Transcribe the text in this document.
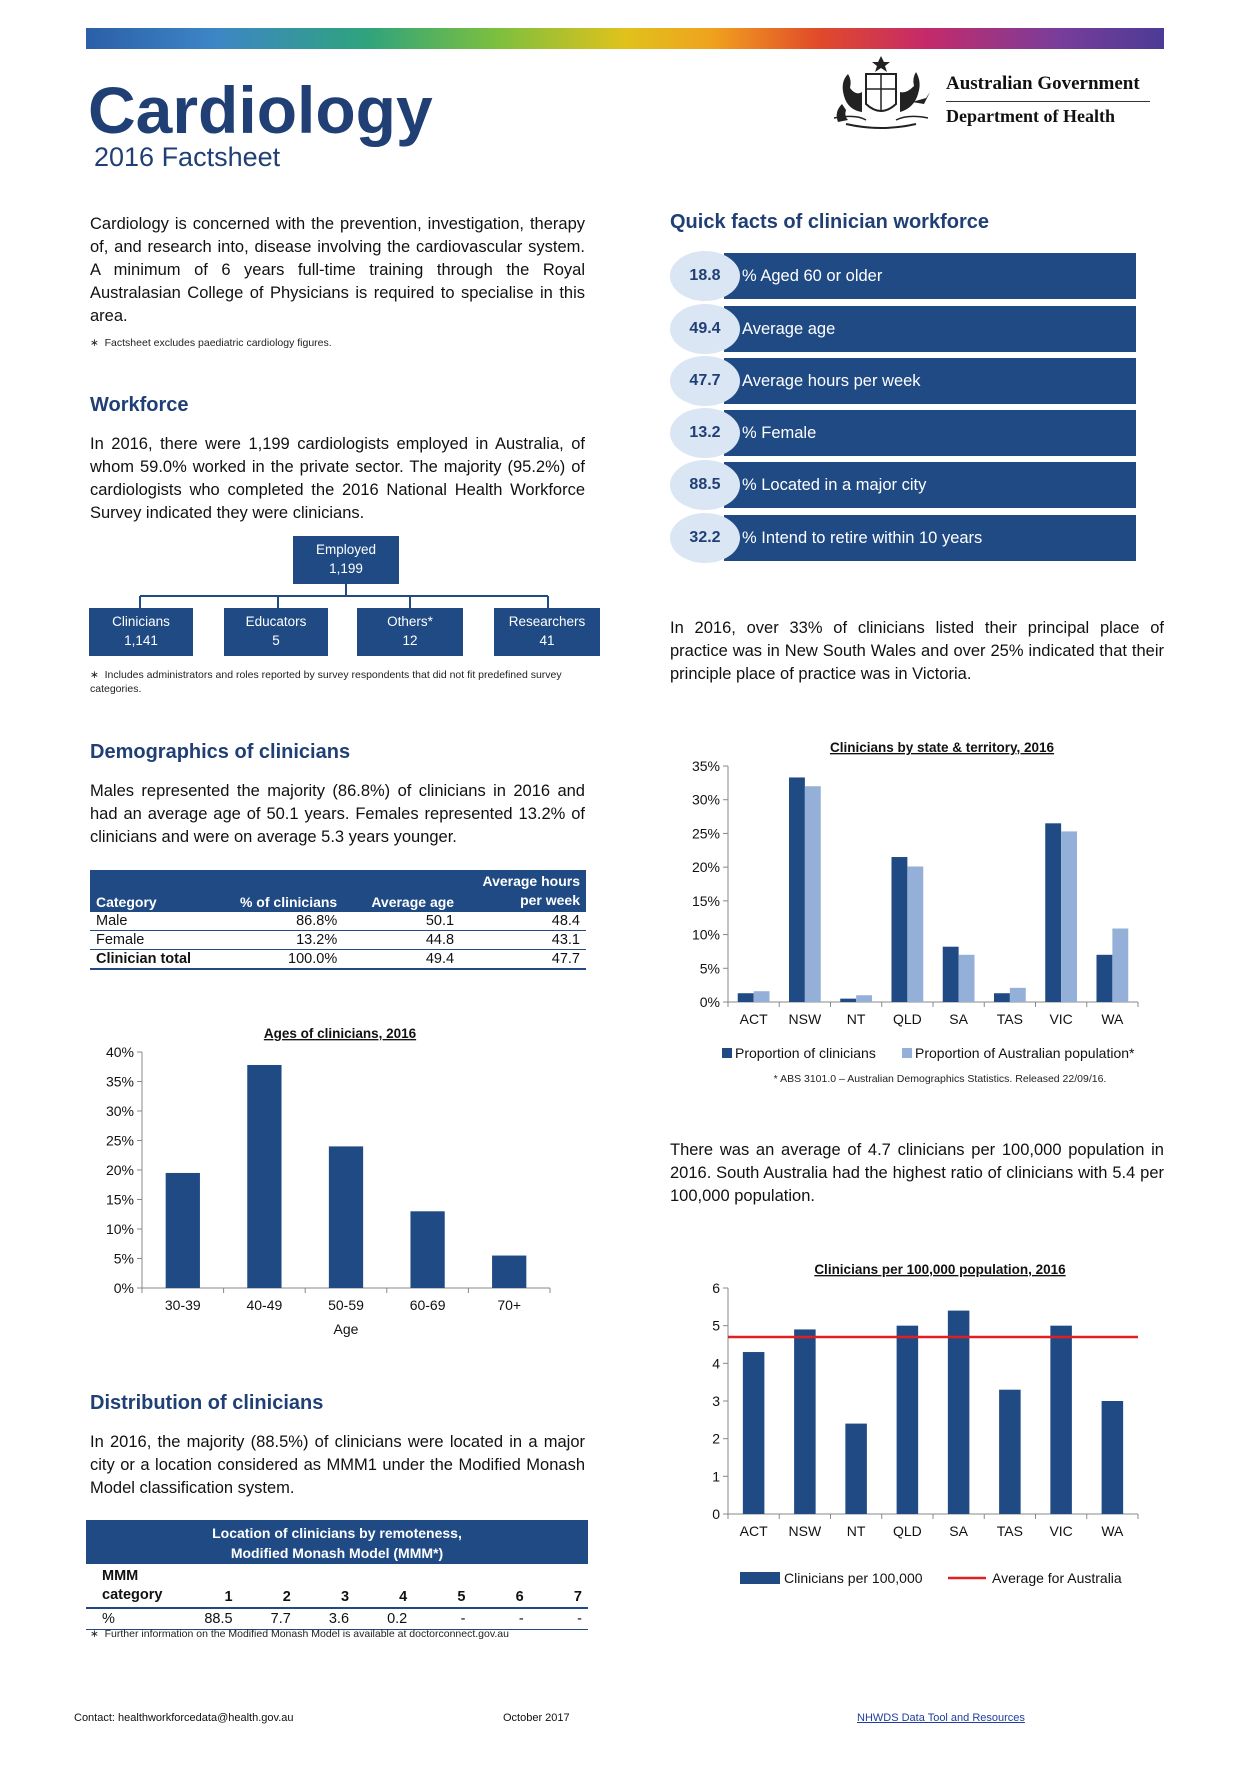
Cardiology
2016 Factsheet
Australian Government
Department of Health
Cardiology is concerned with the prevention, investigation, therapy of, and research into, disease involving the cardiovascular system. A minimum of 6 years full-time training through the Royal Australasian College of Physicians is required to specialise in this area.
∗  Factsheet excludes paediatric cardiology figures.
Workforce
In 2016, there were 1,199 cardiologists employed in Australia, of whom 59.0% worked in the private sector. The majority (95.2%) of cardiologists who completed the 2016 National Health Workforce Survey indicated they were clinicians.
Employed
1,199
Clinicians
1,141
Educators
5
Others*
12
Researchers
41
∗  Includes administrators and roles reported by survey respondents that did not fit predefined survey categories.
Demographics of clinicians
Males represented the majority (86.8%) of clinicians in 2016 and had an average age of 50.1 years. Females represented 13.2% of clinicians and were on average 5.3 years younger.
Category	% of clinicians	Average age	Average hours per week
Male	86.8%	50.1	48.4
Female	13.2%	44.8	43.1
Clinician total	100.0%	49.4	47.7
Ages of clinicians, 2016
0%
5%
10%
15%
20%
25%
30%
35%
40%
30-39	40-49	50-59	60-69	70+
Age
Distribution of clinicians
In 2016, the majority (88.5%) of clinicians were located in a major city or a location considered as MMM1 under the Modified Monash Model classification system.
Location of clinicians by remoteness,
Modified Monash Model (MMM*)
MMM
category	1	2	3	4	5	6	7
%	88.5	7.7	3.6	0.2	-	-	-
∗  Further information on the Modified Monash Model is available at doctorconnect.gov.au
Quick facts of clinician workforce
% Aged 60 or older
18.8
Average age
49.4
Average hours per week
47.7
% Female
13.2
% Located in a major city
88.5
% Intend to retire within 10 years
32.2
In 2016, over 33% of clinicians listed their principal place of practice was in New South Wales and over 25% indicated that their principle place of practice was in Victoria.
Clinicians by state & territory, 2016
0%
5%
10%
15%
20%
25%
30%
35%
ACT NSW NT QLD SA TAS VIC WA
Proportion of clinicians	Proportion of Australian population*
* ABS 3101.0 – Australian Demographics Statistics. Released 22/09/16.
There was an average of 4.7 clinicians per 100,000 population in 2016. South Australia had the highest ratio of clinicians with 5.4 per 100,000 population.
Clinicians per 100,000 population, 2016
0
1
2
3
4
5
6
ACT NSW NT QLD SA TAS VIC WA
Clinicians per 100,000	Average for Australia
Contact: healthworkforcedata@health.gov.au	October 2017	NHWDS Data Tool and Resources
